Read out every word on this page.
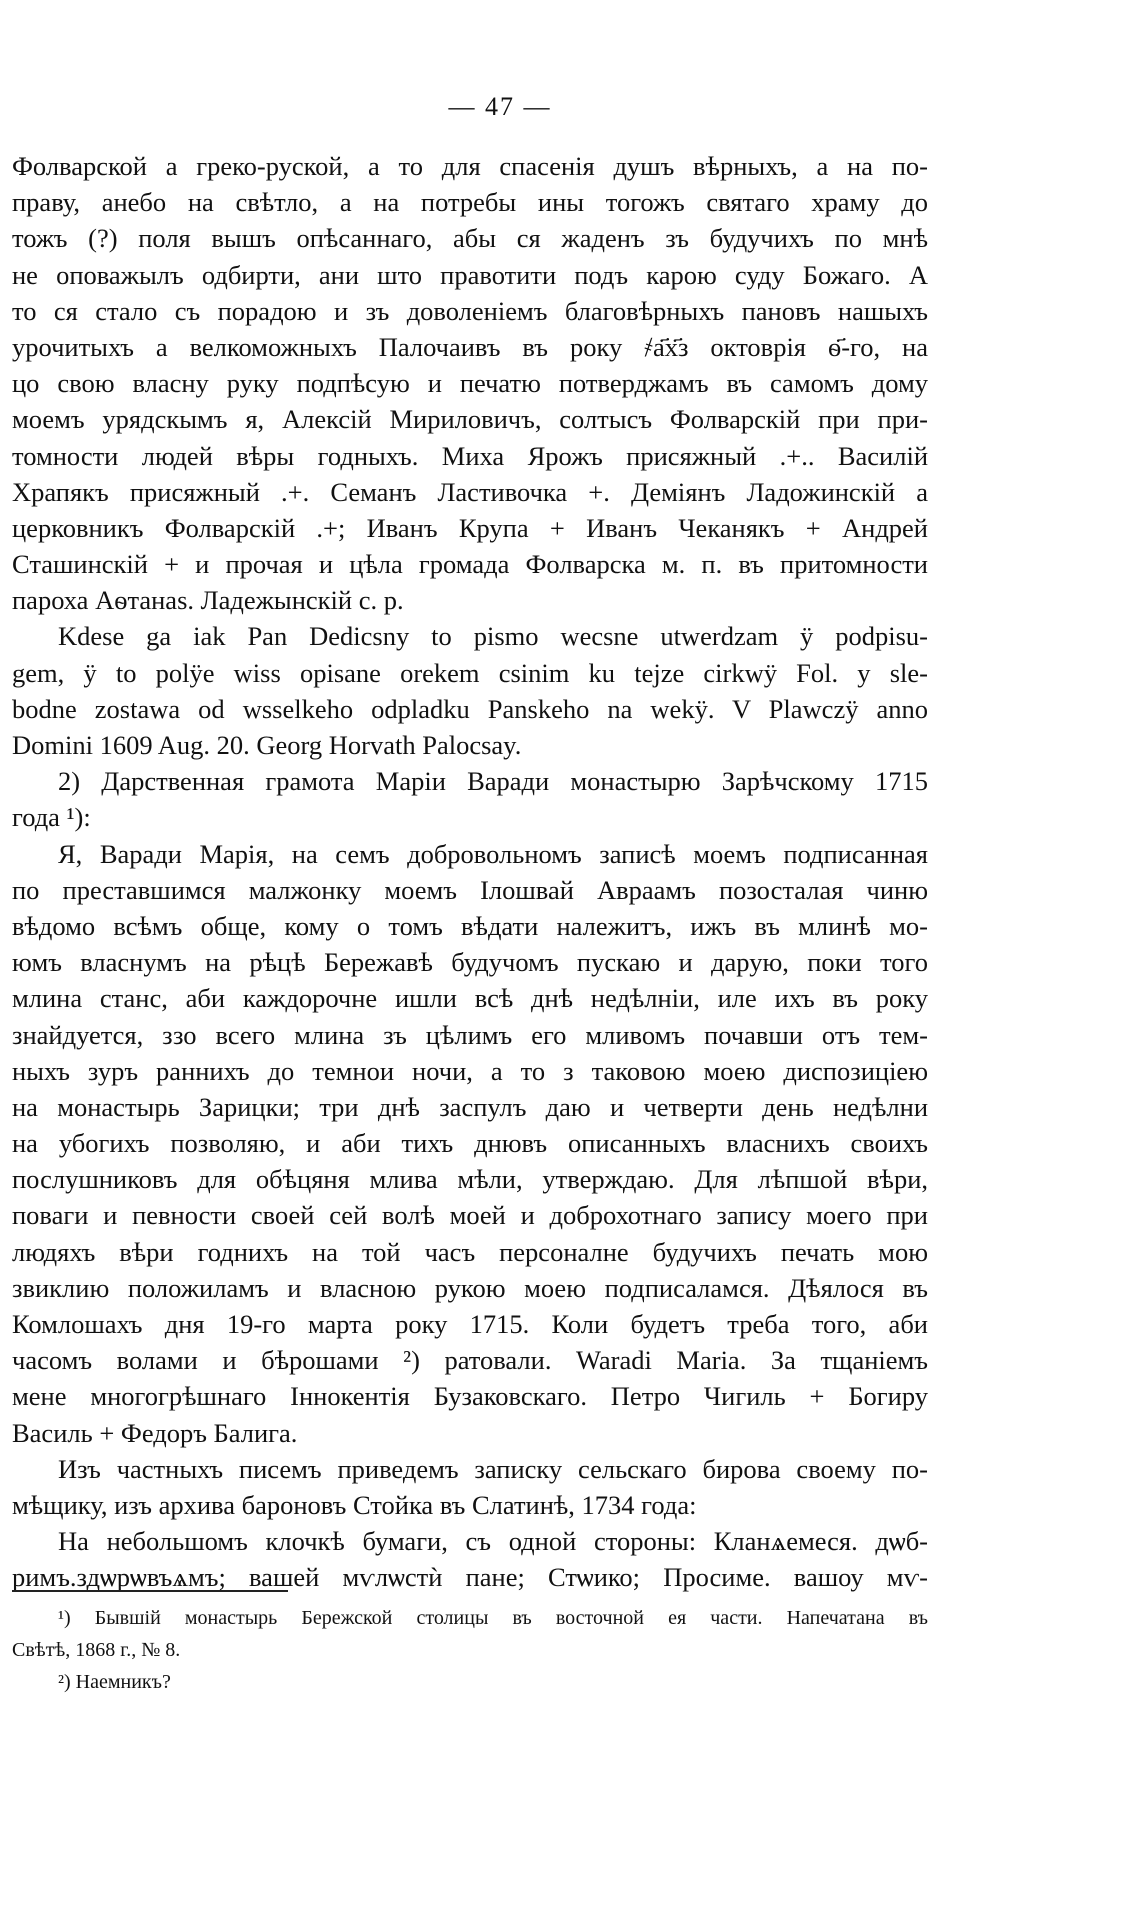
— 47 —
Фолварской а греко-руской, а то для спасенія душъ вѣрныхъ, а на по-
праву, анебо на свѣтло, а на потребы ины тогожъ святаго храму до
тожъ (?) поля вышъ опѣсаннаго, абы ся жаденъ зъ будучихъ по мнѣ
не оповажылъ одбирти, ани што правотити подъ карою суду Божаго. А
то ся стало съ порадою и зъ доволеніемъ благовѣрныхъ пановъ нашыхъ
урочитыхъ а велкоможныхъ Палочаивъ въ року ҂а҃х҃з октоврія ѳ҃-го, на
цо свою власну руку подпѣсую и печатю потверджамъ въ самомъ дому
моемъ урядскымъ я, Алексій Мириловичъ, солтысъ Фолварскій при при-
томности людей вѣры годныхъ. Миха Ярожъ присяжный .+.. Василій
Храпякъ присяжный .+. Семанъ Ластивочка +. Деміянъ Ладожинскій а
церковникъ Фолварскій .+; Иванъ Крупа + Иванъ Чеканякъ + Андрей
Сташинскій + и прочая и цѣла громада Фолварска м. п. въ притомности
пароха Аѳтанаѕ. Ладежынскій с. р.
Kdese ga iak Pan Dedicsny to pismo wecsne utwerdzam ÿ podpisu-
gem, ÿ to polÿe wiss opisane orekem csinim ku tejze cirkwÿ Fol. y sle-
bodne zostawa od wsselkeho odpladku Panskeho na wekÿ. V Plawczÿ anno
Domini 1609 Aug. 20. Georg Horvath Palocsay.
2) Дарственная грамота Маріи Варади монастырю Зарѣчскому 1715
года ¹):
Я, Варади Марія, на семъ добровольномъ записѣ моемъ подписанная
по преставшимся малжонку моемъ Ілошвай Авраамъ позосталая чиню
вѣдомо всѣмъ обще, кому о томъ вѣдати належитъ, ижъ въ млинѣ мо-
юмъ власнумъ на рѣцѣ Бережавѣ будучомъ пускаю и дарую, поки того
млина станс, аби каждорочне ишли всѣ днѣ недѣлніи, иле ихъ въ року
знайдуется, ззо всего млина зъ цѣлимъ его мливомъ почавши отъ тем-
ныхъ зуръ раннихъ до темнои ночи, а то з таковою моею диспозиціею
на монастырь Зарицки; три днѣ заспулъ даю и четверти день недѣлни
на убогихъ позволяю, и аби тихъ днювъ описанныхъ власнихъ своихъ
послушниковъ для обѣцяня млива мѣли, утверждаю. Для лѣпшой вѣри,
поваги и певности своей сей волѣ моей и доброхотнаго запису моего при
людяхъ вѣри годнихъ на той часъ персоналне будучихъ печать мою
звиклию положиламъ и власною рукою моею подписаламся. Дѣялося въ
Комлошахъ дня 19-го марта року 1715. Коли будетъ треба того, аби
часомъ волами и бѣрошами ²) ратовали. Waradi Maria. За тщаніемъ
мене многогрѣшнаго Іннокентія Бузаковскаго. Петро Чигиль + Богиру
Василь + Федоръ Балига.
Изъ частныхъ писемъ приведемъ записку сельскаго бирова своему по-
мѣщику, изъ архива бароновъ Стойка въ Слатинѣ, 1734 года:
На небольшомъ клочкѣ бумаги, съ одной стороны: Кланѧемеся. дѡб-
римъ.здѡрѡвъѧмъ; вашей мѵлѡстѝ пане; Стѡико; Просиме. вашоу мѵ-
¹) Бывшій монастырь Бережской столицы въ восточной ея части. Напечатана въ
Свѣтѣ, 1868 г., № 8.
²) Наемникъ?
